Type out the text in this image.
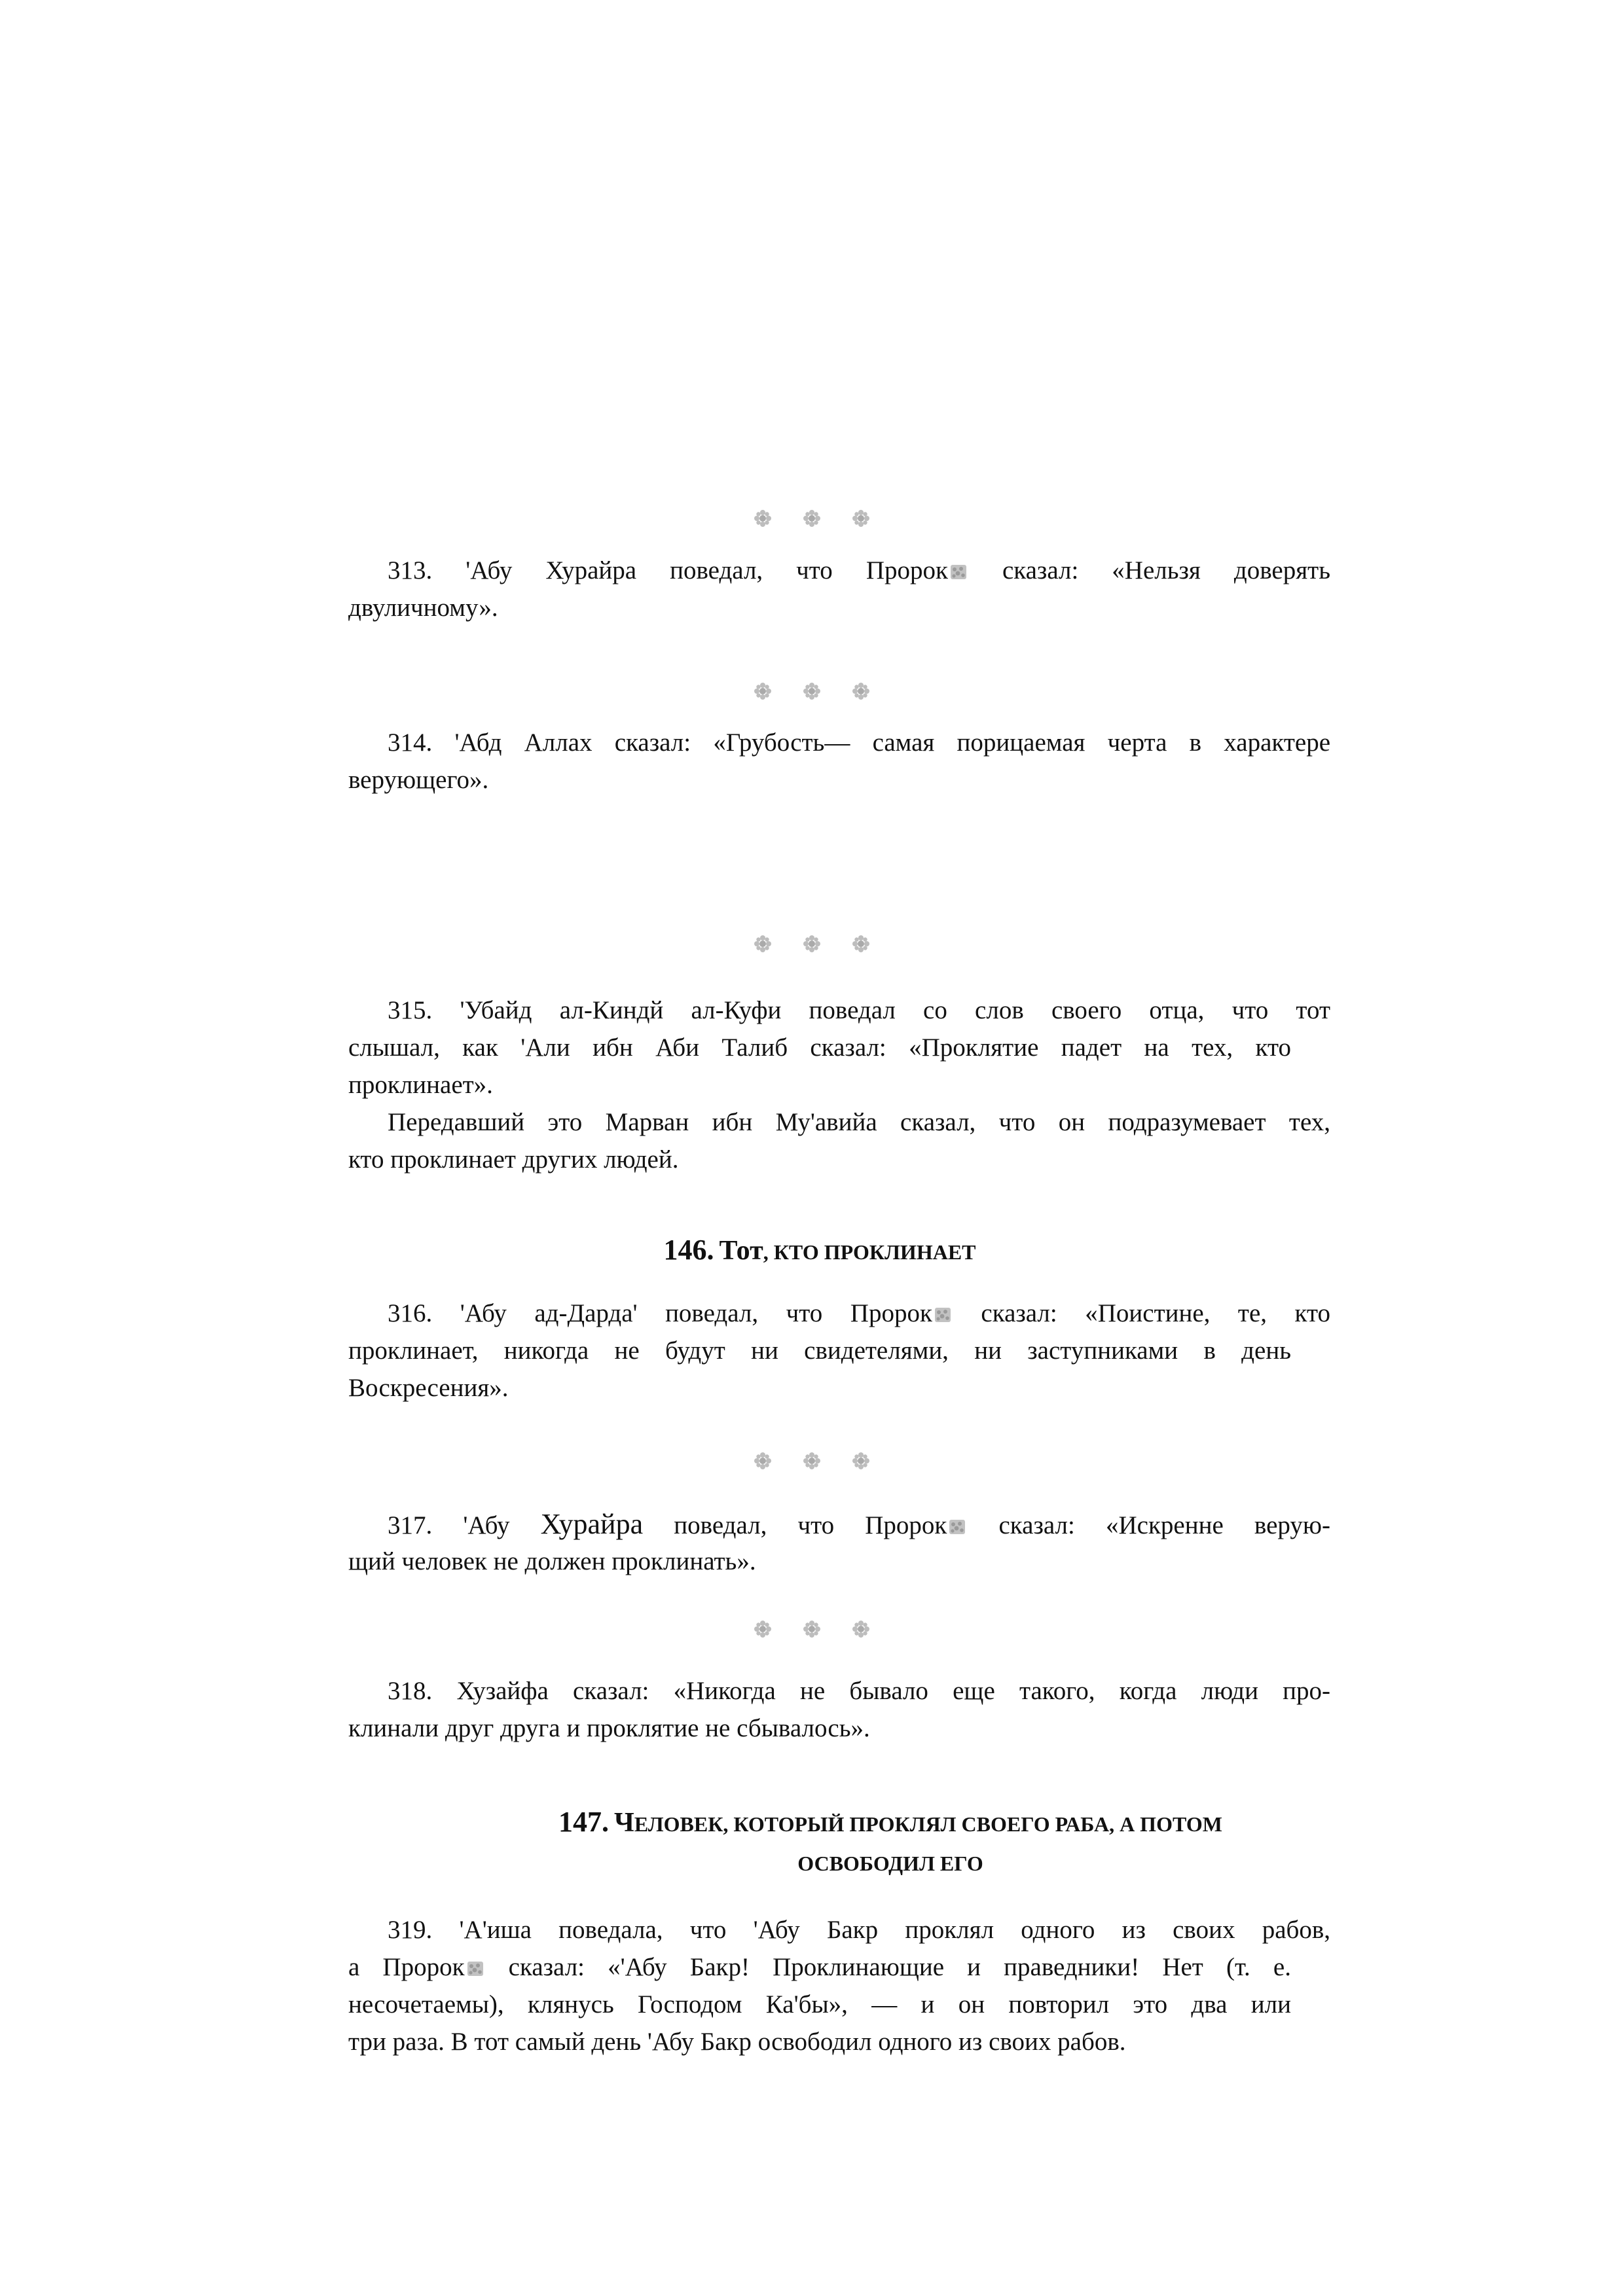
313. 'Абу Хурайра поведал, что Пророк сказал: «Нельзя доверять
двуличному».
314. 'Абд Аллах сказал: «Грубость— самая порицаемая черта в характере
верующего».
315. 'Убайд ал-Киндй ал-Куфи поведал со слов своего отца, что тот
слышал, как 'Али ибн Аби Талиб сказал: «Проклятие падет на тех, кто
проклинает».
Передавший это Марван ибн Му'авийа сказал, что он подразумевает тех,
кто проклинает других людей.
146. Тот, КТО ПРОКЛИНАЕТ
316. 'Абу ад-Дарда' поведал, что Пророк сказал: «Поистине, те, кто
проклинает, никогда не будут ни свидетелями, ни заступниками в день
Воскресения».
317. 'Абу Хурайра поведал, что Пророк сказал: «Искренне верую-
щий человек не должен проклинать».
318. Хузайфа сказал: «Никогда не бывало еще такого, когда люди про-
клинали друг друга и проклятие не сбывалось».
147. ЧЕЛОВЕК, КОТОРЫЙ ПРОКЛЯЛ СВОЕГО РАБА, А ПОТОМ
ОСВОБОДИЛ ЕГО
319. 'А'иша поведала, что 'Абу Бакр проклял одного из своих рабов,
а Пророк сказал: «'Абу Бакр! Проклинающие и праведники! Нет (т. е.
несочетаемы), клянусь Господом Ка'бы», — и он повторил это два или
три раза. В тот самый день 'Абу Бакр освободил одного из своих рабов.
